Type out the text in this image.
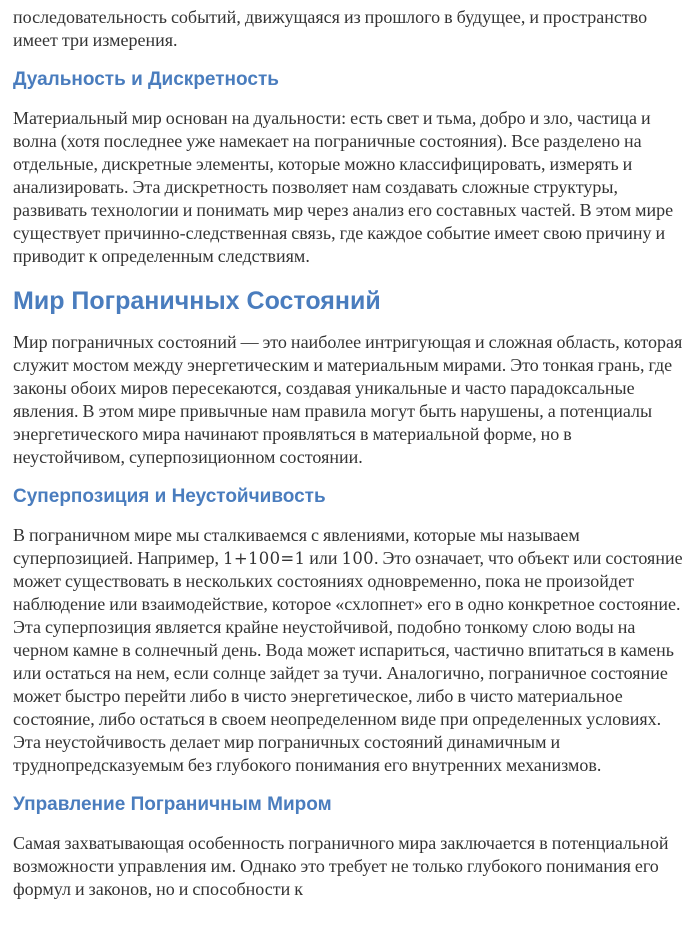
последовательность событий, движущаяся из прошлого в будущее, и пространство имеет три измерения.

Дуальность и Дискретность

Материальный мир основан на дуальности: есть свет и тьма, добро и зло, частица и волна (хотя последнее уже намекает на пограничные состояния). Все разделено на отдельные, дискретные элементы, которые можно классифицировать, измерять и анализировать. Эта дискретность позволяет нам создавать сложные структуры, развивать технологии и понимать мир через анализ его составных частей. В этом мире существует причинно-следственная связь, где каждое событие имеет свою причину и приводит к определенным следствиям.

Мир Пограничных Состояний

Мир пограничных состояний — это наиболее интригующая и сложная область, которая служит мостом между энергетическим и материальным мирами. Это тонкая грань, где законы обоих миров пересекаются, создавая уникальные и часто парадоксальные явления. В этом мире привычные нам правила могут быть нарушены, а потенциалы энергетического мира начинают проявляться в материальной форме, но в неустойчивом, суперпозиционном состоянии.

Суперпозиция и Неустойчивость

В пограничном мире мы сталкиваемся с явлениями, которые мы называем суперпозицией. Например, 1+100=1 или 100. Это означает, что объект или состояние может существовать в нескольких состояниях одновременно, пока не произойдет наблюдение или взаимодействие, которое «схлопнет» его в одно конкретное состояние. Эта суперпозиция является крайне неустойчивой, подобно тонкому слою воды на черном камне в солнечный день. Вода может испариться, частично впитаться в камень или остаться на нем, если солнце зайдет за тучи. Аналогично, пограничное состояние может быстро перейти либо в чисто энергетическое, либо в чисто материальное состояние, либо остаться в своем неопределенном виде при определенных условиях. Эта неустойчивость делает мир пограничных состояний динамичным и труднопредсказуемым без глубокого понимания его внутренних механизмов.

Управление Пограничным Миром

Самая захватывающая особенность пограничного мира заключается в потенциальной возможности управления им. Однако это требует не только глубокого понимания его формул и законов, но и способности к
